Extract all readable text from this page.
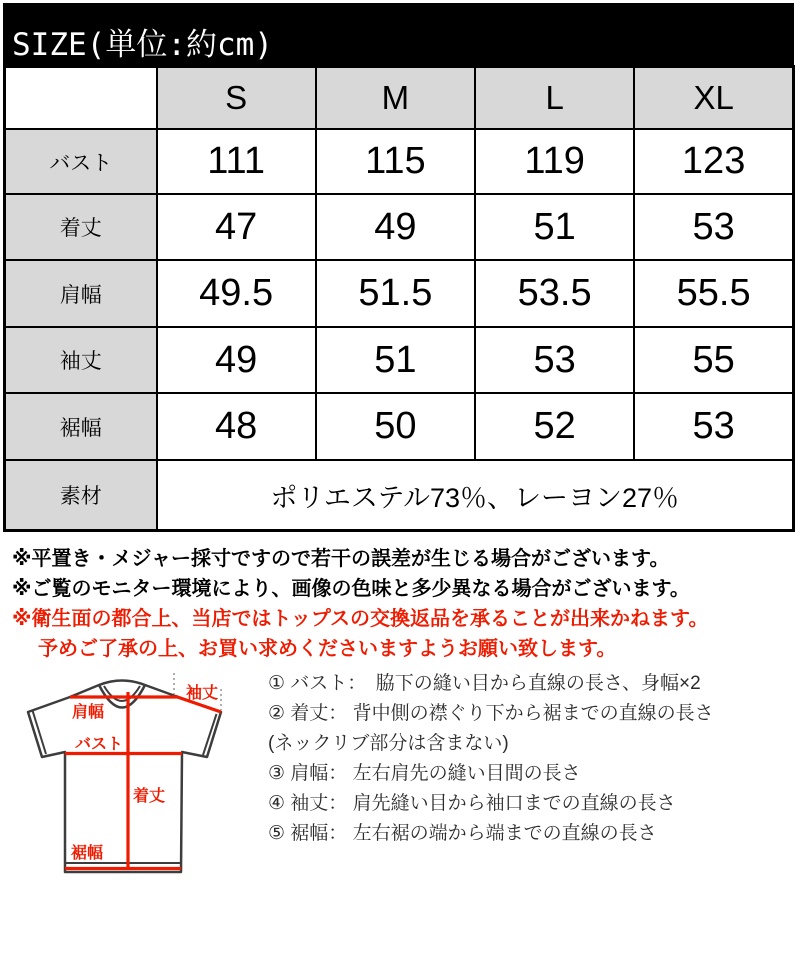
SIZE(単位:約cm)
	S	M	L	XL
バスト	111	115	119	123
着丈	47	49	51	53
肩幅	49.5	51.5	53.5	55.5
袖丈	49	51	53	55
裾幅	48	50	52	53
素材	ポリエステル73％、レーヨン27％			
※平置き・メジャー採寸ですので若干の誤差が生じる場合がございます。
※ご覧のモニター環境により、画像の色味と多少異なる場合がございます。
※衛生面の都合上、当店ではトップスの交換返品を承ることが出来かねます。
予めご了承の上、お買い求めくださいますようお願い致します。
肩幅
バスト
着丈
裾幅
袖丈	① バスト：　脇下の縫い目から直線の長さ、身幅×2
② 着丈： 背中側の襟ぐり下から裾までの直線の長さ
(ネックリブ部分は含まない)
③ 肩幅： 左右肩先の縫い目間の長さ
④ 袖丈： 肩先縫い目から袖口までの直線の長さ
⑤ 裾幅： 左右裾の端から端までの直線の長さ
